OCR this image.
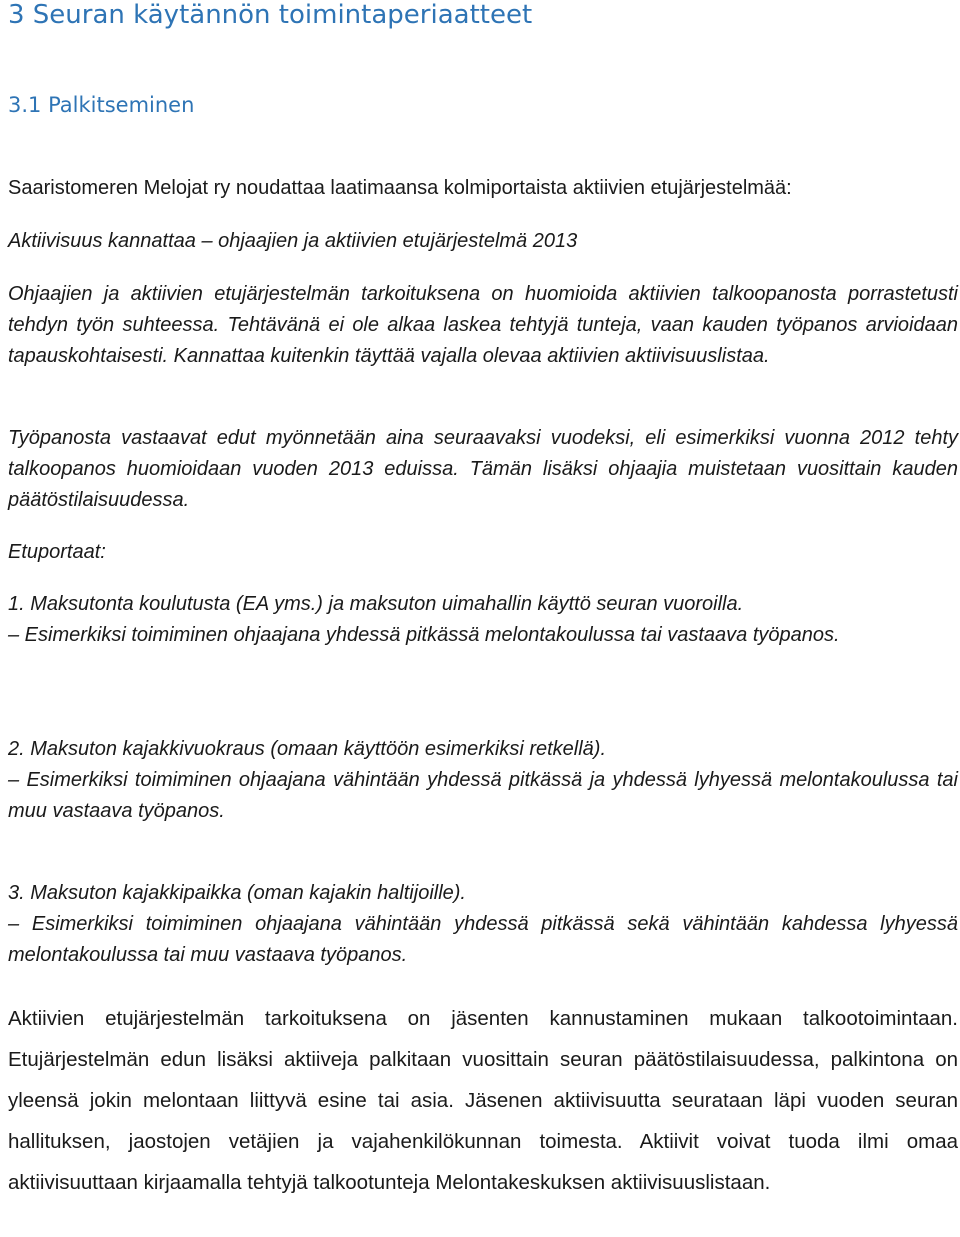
3 Seuran käytännön toimintaperiaatteet
3.1 Palkitseminen

Saaristomeren Melojat ry noudattaa laatimaansa kolmiportaista aktiivien etujärjestelmää:

Aktiivisuus kannattaa – ohjaajien ja aktiivien etujärjestelmä 2013

Ohjaajien ja aktiivien etujärjestelmän tarkoituksena on huomioida aktiivien talkoopanosta porrastetusti tehdyn työn suhteessa. Tehtävänä ei ole alkaa laskea tehtyjä tunteja, vaan kauden työpanos arvioidaan tapauskohtaisesti. Kannattaa kuitenkin täyttää vajalla olevaa aktiivien aktiivisuuslistaa.

Työpanosta vastaavat edut myönnetään aina seuraavaksi vuodeksi, eli esimerkiksi vuonna 2012 tehty talkoopanos huomioidaan vuoden 2013 eduissa. Tämän lisäksi ohjaajia muistetaan vuosittain kauden päätöstilaisuudessa.

Etuportaat:

1. Maksutonta koulutusta (EA yms.) ja maksuton uimahallin käyttö seuran vuoroilla.

– Esimerkiksi toimiminen ohjaajana yhdessä pitkässä melontakoulussa tai vastaava työpanos.

2. Maksuton kajakkivuokraus (omaan käyttöön esimerkiksi retkellä).

– Esimerkiksi toimiminen ohjaajana vähintään yhdessä pitkässä ja yhdessä lyhyessä melontakoulussa tai muu vastaava työpanos.

3. Maksuton kajakkipaikka (oman kajakin haltijoille).

– Esimerkiksi toimiminen ohjaajana vähintään yhdessä pitkässä sekä vähintään kahdessa lyhyessä melontakoulussa tai muu vastaava työpanos.

Aktiivien etujärjestelmän tarkoituksena on jäsenten kannustaminen mukaan talkootoimintaan. Etujärjestelmän edun lisäksi aktiiveja palkitaan vuosittain seuran päätöstilaisuudessa, palkintona on yleensä jokin melontaan liittyvä esine tai asia. Jäsenen aktiivisuutta seurataan läpi vuoden seuran hallituksen, jaostojen vetäjien ja vajahenkilökunnan toimesta. Aktiivit voivat tuoda ilmi omaa aktiivisuuttaan kirjaamalla tehtyjä talkootunteja Melontakeskuksen aktiivisuuslistaan.
